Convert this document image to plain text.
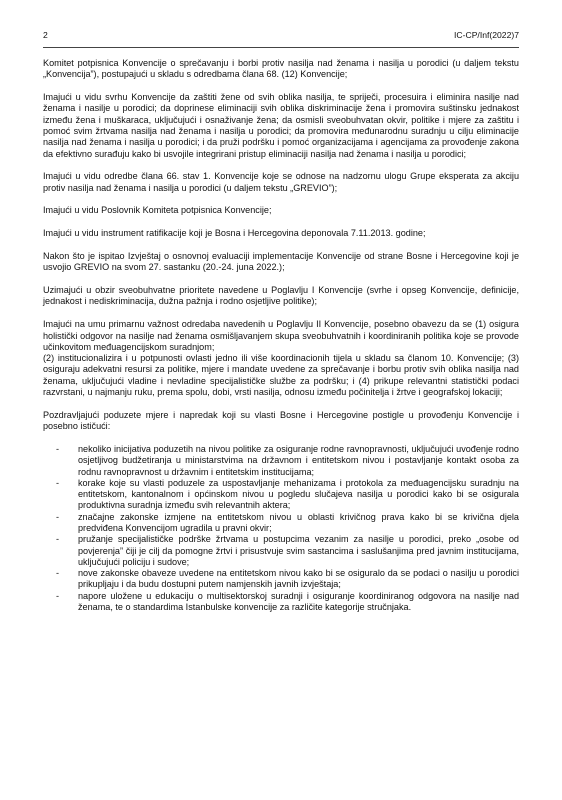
2	IC-CP/Inf(2022)7

Komitet potpisnica Konvencije o sprečavanju i borbi protiv nasilja nad ženama i nasilja u porodici (u daljem tekstu „Konvencija”), postupajući u skladu s odredbama člana 68. (12) Konvencije;

Imajući u vidu svrhu Konvencije da zaštiti žene od svih oblika nasilja, te spriječi, procesuira i eliminira nasilje nad ženama i nasilje u porodici; da doprinese eliminaciji svih oblika diskriminacije žena i promovira suštinsku jednakost između žena i muškaraca, uključujući i osnaživanje žena; da osmisli sveobuhvatan okvir, politike i mjere za zaštitu i pomoć svim žrtvama nasilja nad ženama i nasilja u porodici; da promovira međunarodnu suradnju u cilju eliminacije nasilja nad ženama i nasilja u porodici; i da pruži podršku i pomoć organizacijama i agencijama za provođenje zakona da efektivno surađuju kako bi usvojile integrirani pristup eliminaciji nasilja nad ženama i nasilja u porodici;

Imajući u vidu odredbe člana 66. stav 1. Konvencije koje se odnose na nadzornu ulogu Grupe eksperata za akciju protiv nasilja nad ženama i nasilja u porodici (u daljem tekstu „GREVIO”);

Imajući u vidu Poslovnik Komiteta potpisnica Konvencije;

Imajući u vidu instrument ratifikacije koji je Bosna i Hercegovina deponovala 7.11.2013. godine;

Nakon što je ispitao Izvještaj o osnovnoj evaluaciji implementacije Konvencije od strane Bosne i Hercegovine koji je usvojio GREVIO na svom 27. sastanku (20.-24. juna 2022.);

Uzimajući u obzir sveobuhvatne prioritete navedene u Poglavlju I Konvencije (svrhe i opseg Konvencije, definicije, jednakost i nediskriminacija, dužna pažnja i rodno osjetljive politike);

Imajući na umu primarnu važnost odredaba navedenih u Poglavlju II Konvencije, posebno obavezu da se (1) osigura holistički odgovor na nasilje nad ženama osmišljavanjem skupa sveobuhvatnih i koordiniranih politika koje se provode učinkovitom međuagencijskom suradnjom;

(2) institucionalizira i u potpunosti ovlasti jedno ili više koordinacionih tijela u skladu sa članom 10. Konvencije; (3) osiguraju adekvatni resursi za politike, mjere i mandate uvedene za sprečavanje i borbu protiv svih oblika nasilja nad ženama, uključujući vladine i nevladine specijalističke službe za podršku; i (4) prikupe relevantni statistički podaci razvrstani, u najmanju ruku, prema spolu, dobi, vrsti nasilja, odnosu između počinitelja i žrtve i geografskoj lokaciji;

Pozdravljajući poduzete mjere i napredak koji su vlasti Bosne i Hercegovine postigle u provođenju Konvencije i posebno ističući:

- nekoliko inicijativa poduzetih na nivou politike za osiguranje rodne ravnopravnosti, uključujući uvođenje rodno osjetljivog budžetiranja u ministarstvima na državnom i entitetskom nivou i postavljanje kontakt osoba za rodnu ravnopravnost u državnim i entitetskim institucijama;
- korake koje su vlasti poduzele za uspostavljanje mehanizama i protokola za međuagencijsku suradnju na entitetskom, kantonalnom i općinskom nivou u pogledu slučajeva nasilja u porodici kako bi se osigurala produktivna suradnja između svih relevantnih aktera;
- značajne zakonske izmjene na entitetskom nivou u oblasti krivičnog prava kako bi se krivična djela predviđena Konvencijom ugradila u pravni okvir;
- pružanje specijalističke podrške žrtvama u postupcima vezanim za nasilje u porodici, preko „osobe od povjerenja” čiji je cilj da pomogne žrtvi i prisustvuje svim sastancima i saslušanjima pred javnim institucijama, uključujući policiju i sudove;
- nove zakonske obaveze uvedene na entitetskom nivou kako bi se osiguralo da se podaci o nasilju u porodici prikupljaju i da budu dostupni putem namjenskih javnih izvještaja;
- napore uložene u edukaciju o multisektorskoj suradnji i osiguranje koordiniranog odgovora na nasilje nad ženama, te o standardima Istanbulske konvencije za različite kategorije stručnjaka.
